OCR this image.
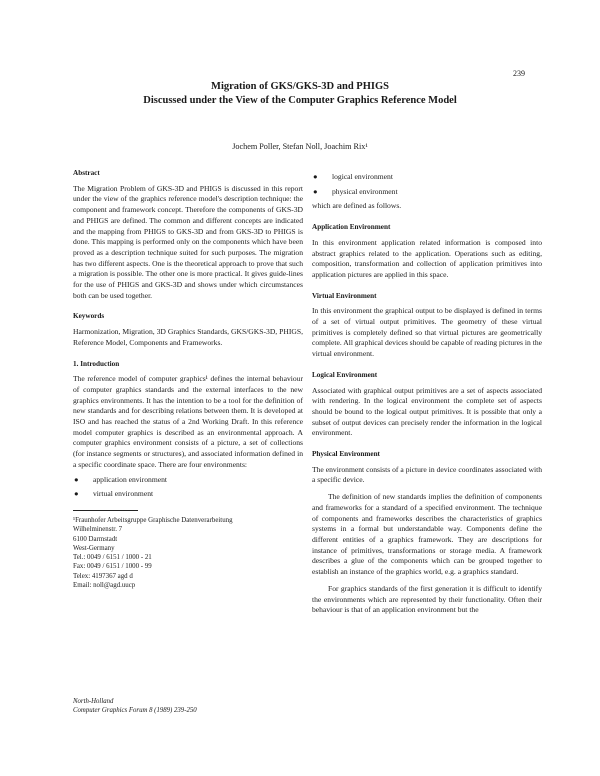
239
Migration of GKS/GKS-3D and PHIGS
Discussed under the View of the Computer Graphics Reference Model
Jochem Poller, Stefan Noll, Joachim Rix¹
Abstract

The Migration Problem of GKS-3D and PHIGS is discussed in this report under the view of the graphics reference model's description technique: the component and framework concept. Therefore the components of GKS-3D and PHIGS are defined. The common and different concepts are indicated and the mapping from PHIGS to GKS-3D and from GKS-3D to PHIGS is done. This mapping is performed only on the components which have been proved as a description technique suited for such purposes. The migration has two different aspects. One is the theoretical approach to prove that such a migration is possible. The other one is more practical. It gives guide-lines for the use of PHIGS and GKS-3D and shows under which circumstances both can be used together.

Keywords

Harmonization, Migration, 3D Graphics Standards, GKS/GKS-3D, PHIGS, Reference Model, Components and Frameworks.

1. Introduction

The reference model of computer graphics¹ defines the internal behaviour of computer graphics standards and the external interfaces to the new graphics environments. It has the intention to be a tool for the definition of new standards and for describing relations between them. It is developed at ISO and has reached the status of a 2nd Working Draft. In this reference model computer graphics is described as an environmental approach. A computer graphics environment consists of a picture, a set of collections (for instance segments or structures), and associated information defined in a specific coordinate space. There are four environments:

● application environment
● virtual environment
¹Fraunhofer Arbeitsgruppe Graphische Datenverarbeitung
Wilhelminenstr. 7
6100 Darmstadt
West-Germany
Tel.: 0049 / 6151 / 1000 - 21
Fax: 0049 / 6151 / 1000 - 99
Telex: 4197367 agd d
Email: noll@agd.uucp
North-Holland
Computer Graphics Forum 8 (1989) 239-250
● logical environment
● physical environment

which are defined as follows.

Application Environment

In this environment application related information is composed into abstract graphics related to the application. Operations such as editing, composition, transformation and collection of application primitives into application pictures are applied in this space.

Virtual Environment

In this environment the graphical output to be displayed is defined in terms of a set of virtual output primitives. The geometry of these virtual primitives is completely defined so that virtual pictures are geometrically complete. All graphical devices should be capable of reading pictures in the virtual environment.

Logical Environment

Associated with graphical output primitives are a set of aspects associated with rendering. In the logical environment the complete set of aspects should be bound to the logical output primitives. It is possible that only a subset of output devices can precisely render the information in the logical environment.

Physical Environment

The environment consists of a picture in device coordinates associated with a specific device.

The definition of new standards implies the definition of components and frameworks for a standard of a specified environment. The technique of components and frameworks describes the characteristics of graphics systems in a formal but understandable way. Components define the different entities of a graphics framework. They are descriptions for instance of primitives, transformations or storage media. A framework describes a glue of the components which can be grouped together to establish an instance of the graphics world, e.g. a graphics standard.

For graphics standards of the first generation it is difficult to identify the environments which are represented by their functionality. Often their behaviour is that of an application environment but the
